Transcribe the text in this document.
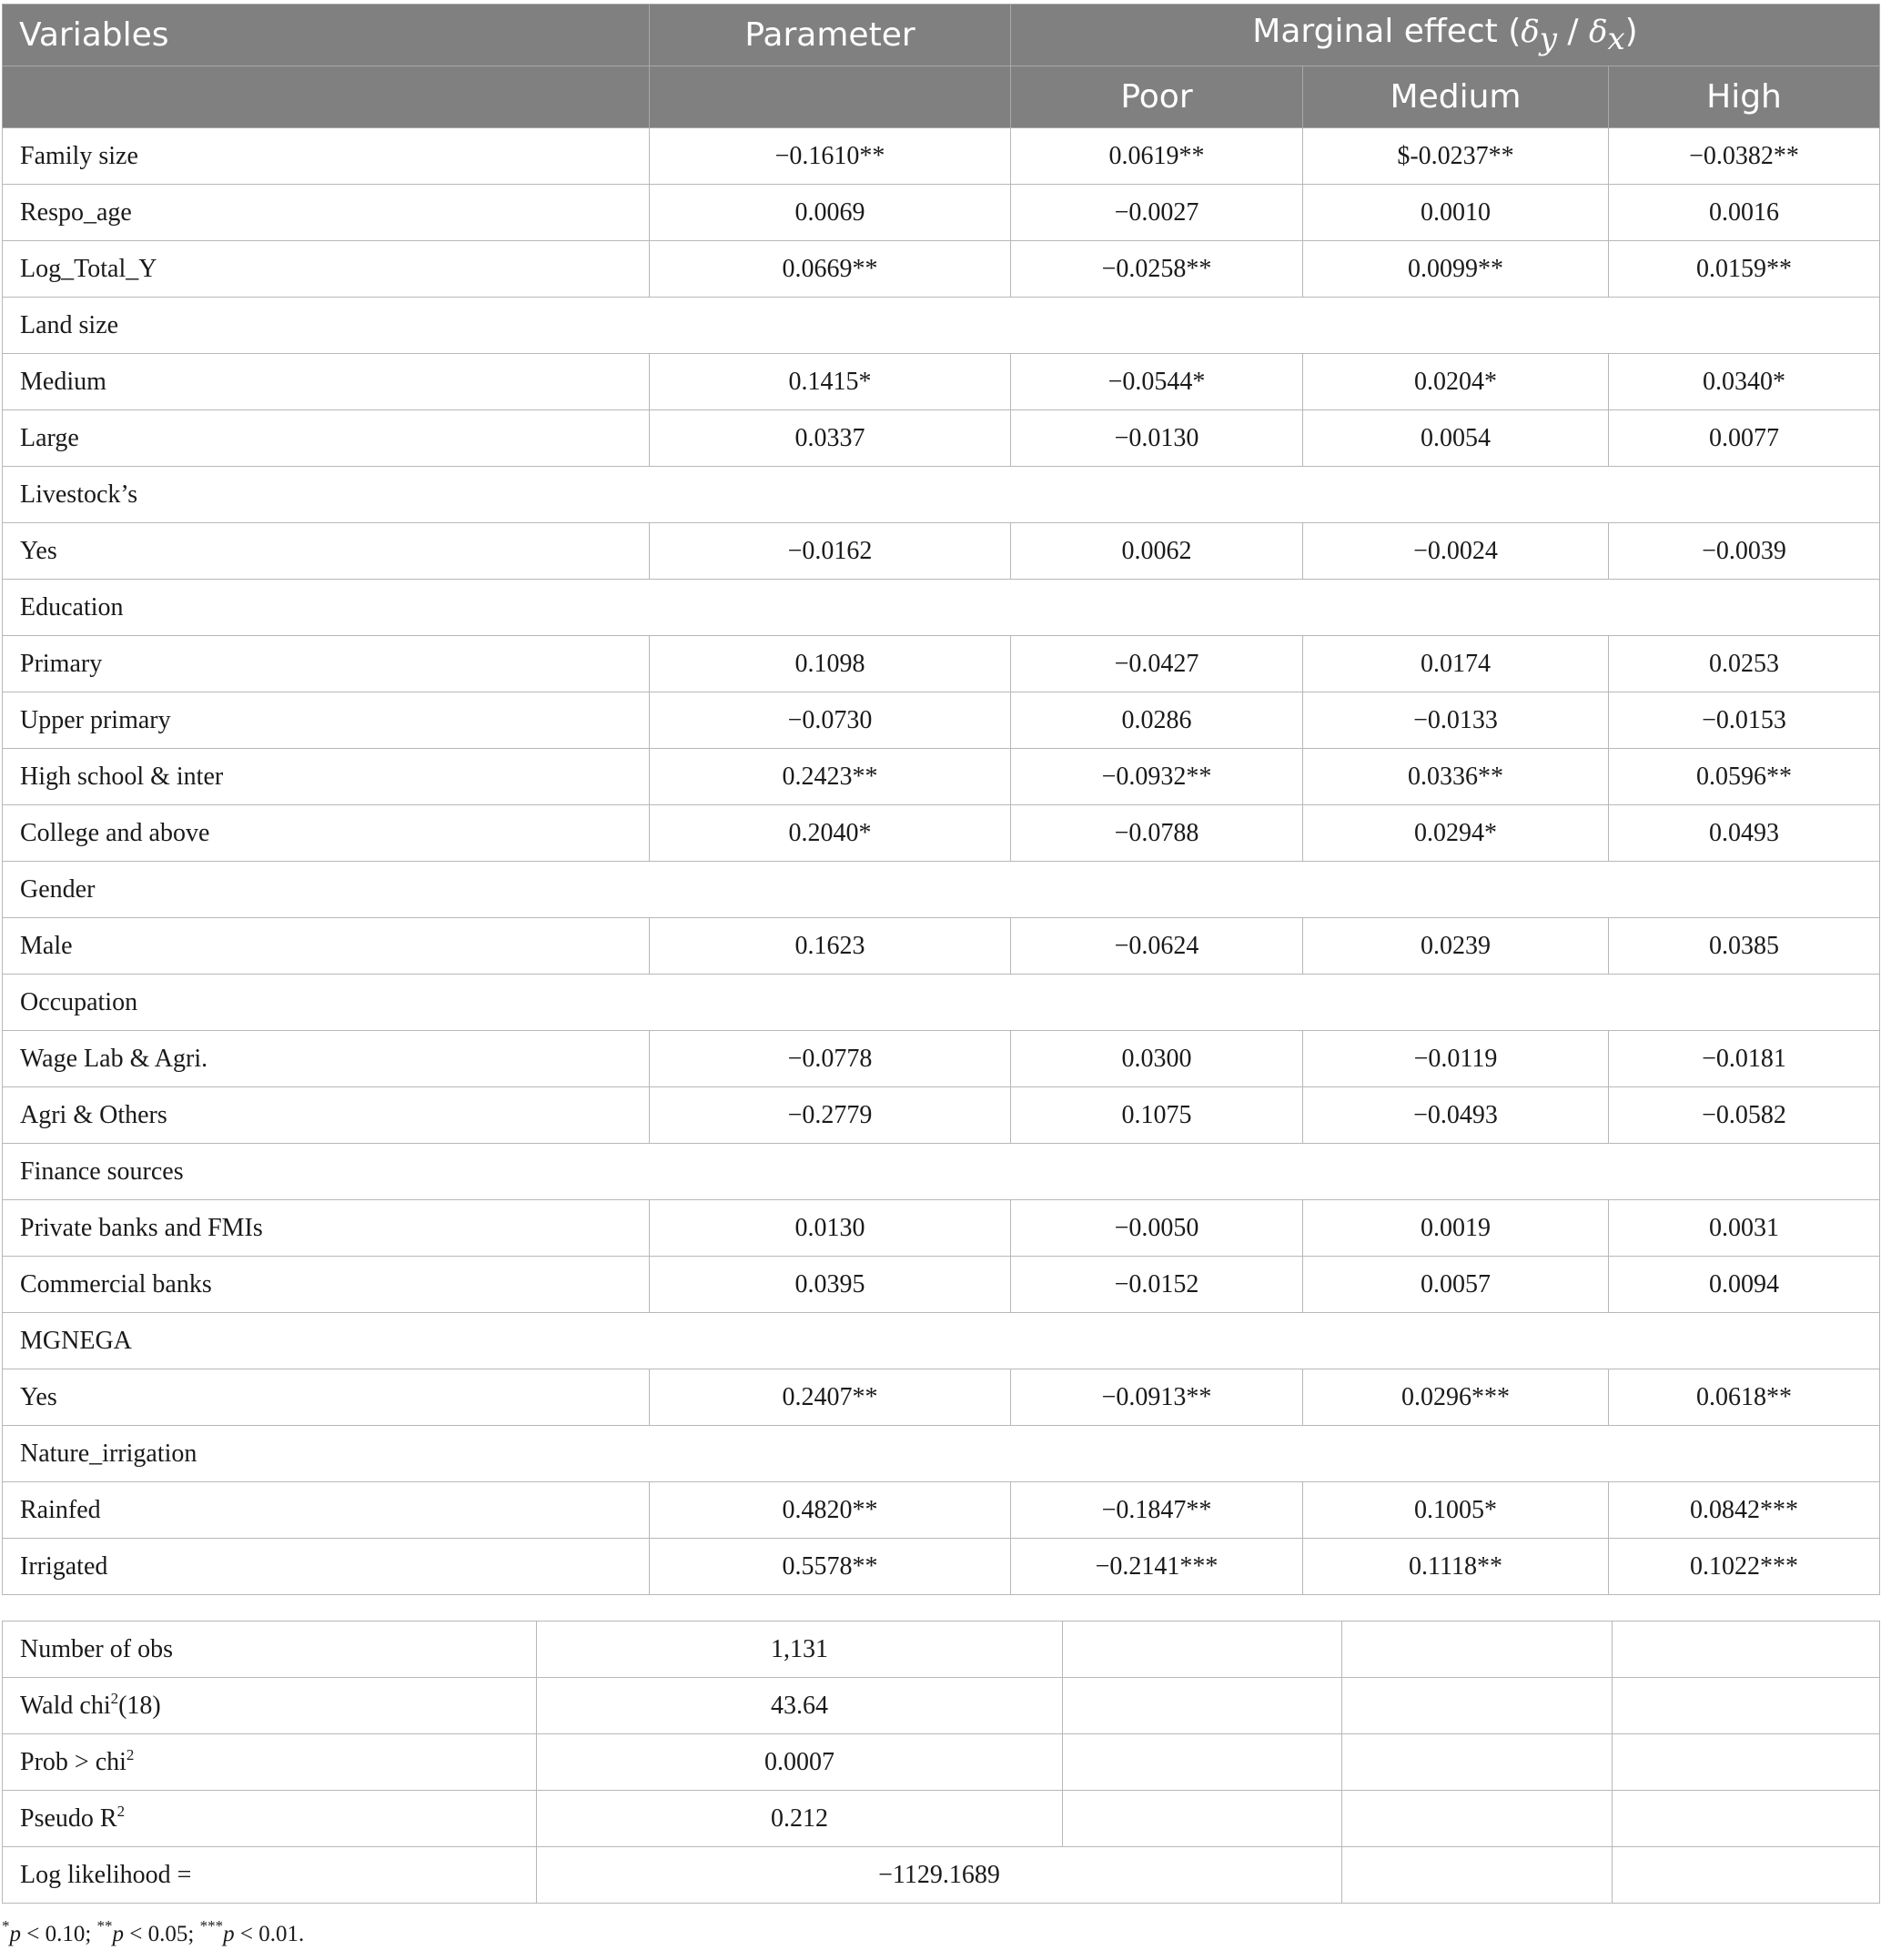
Variables	Parameter	Marginal effect $(\delta_y / \delta_x)$		
		Poor	Medium	High
Family size	−0.1610**	0.0619**	$-0.0237**	−0.0382**
Respo_age	0.0069	−0.0027	0.0010	0.0016
Log_Total_Y	0.0669**	−0.0258**	0.0099**	0.0159**
Land size				
Medium	0.1415*	−0.0544*	0.0204*	0.0340*
Large	0.0337	−0.0130	0.0054	0.0077
Livestock’s				
Yes	−0.0162	0.0062	−0.0024	−0.0039
Education				
Primary	0.1098	−0.0427	0.0174	0.0253
Upper primary	−0.0730	0.0286	−0.0133	−0.0153
High school & inter	0.2423**	−0.0932**	0.0336**	0.0596**
College and above	0.2040*	−0.0788	0.0294*	0.0493
Gender				
Male	0.1623	−0.0624	0.0239	0.0385
Occupation				
Wage Lab & Agri.	−0.0778	0.0300	−0.0119	−0.0181
Agri & Others	−0.2779	0.1075	−0.0493	−0.0582
Finance sources				
Private banks and FMIs	0.0130	−0.0050	0.0019	0.0031
Commercial banks	0.0395	−0.0152	0.0057	0.0094
MGNEGA				
Yes	0.2407**	−0.0913**	0.0296***	0.0618**
Nature_irrigation				
Rainfed	0.4820**	−0.1847**	0.1005*	0.0842***
Irrigated	0.5578**	−0.2141***	0.1118**	0.1022***
Number of obs	1,131			
Wald chi$^2$(18)	43.64			
Prob > chi$^2$	0.0007			
Pseudo $R^2$	0.212			
Log likelihood =	−1129.1689			
*p < 0.10; **p < 0.05; ***p < 0.01.
